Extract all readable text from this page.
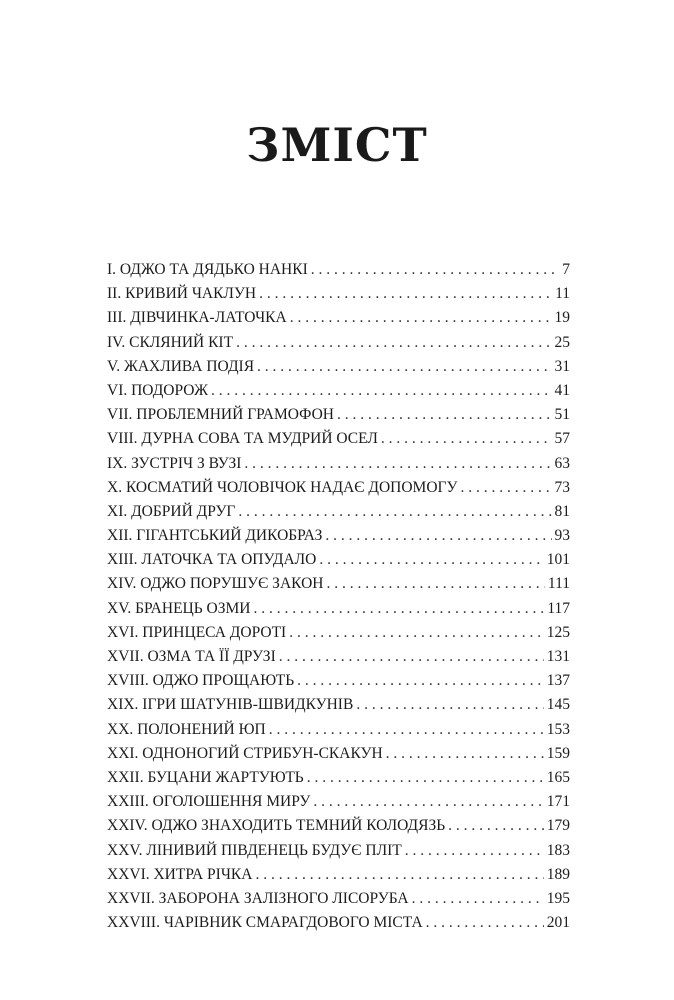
ЗМІСТ
I. ОДЖО ТА ДЯДЬКО НАНКІ . . .	7
II. КРИВИЙ ЧАКЛУН . . .	11
III. ДІВЧИНКА-ЛАТОЧКА . . .	19
IV. СКЛЯНИЙ КІТ . . .	25
V. ЖАХЛИВА ПОДІЯ . . .	31
VI. ПОДОРОЖ . . .	41
VII. ПРОБЛЕМНИЙ ГРАМОФОН . . .	51
VIII. ДУРНА СОВА ТА МУДРИЙ ОСЕЛ . . .	57
IX. ЗУСТРІЧ З ВУЗІ . . .	63
X. КОСМАТИЙ ЧОЛОВІЧОК НАДАЄ ДОПОМОГУ . . .	73
XI. ДОБРИЙ ДРУГ . . .	81
XII. ГІГАНТСЬКИЙ ДИКОБРАЗ . . .	93
XIII. ЛАТОЧКА ТА ОПУДАЛО . . .	101
XIV. ОДЖО ПОРУШУЄ ЗАКОН . . .	111
XV. БРАНЕЦЬ ОЗМИ . . .	117
XVI. ПРИНЦЕСА ДОРОТІ . . .	125
XVII. ОЗМА ТА ЇЇ ДРУЗІ . . .	131
XVIII. ОДЖО ПРОЩАЮТЬ . . .	137
XIX. ІГРИ ШАТУНІВ-ШВИДКУНІВ . . .	145
XX. ПОЛОНЕНИЙ ЮП . . .	153
XXI. ОДНОНОГИЙ СТРИБУН-СКАКУН . . .	159
XXII. БУЦАНИ ЖАРТУЮТЬ . . .	165
XXIII. ОГОЛОШЕННЯ МИРУ . . .	171
XXIV. ОДЖО ЗНАХОДИТЬ ТЕМНИЙ КОЛОДЯЗЬ . . .	179
XXV. ЛІНИВИЙ ПІВДЕНЕЦЬ БУДУЄ ПЛІТ . . .	183
XXVI. ХИТРА РІЧКА . . .	189
XXVII. ЗАБОРОНА ЗАЛІЗНОГО ЛІСОРУБА . . .	195
XXVIII. ЧАРІВНИК СМАРАГДОВОГО МІСТА . . .	201
